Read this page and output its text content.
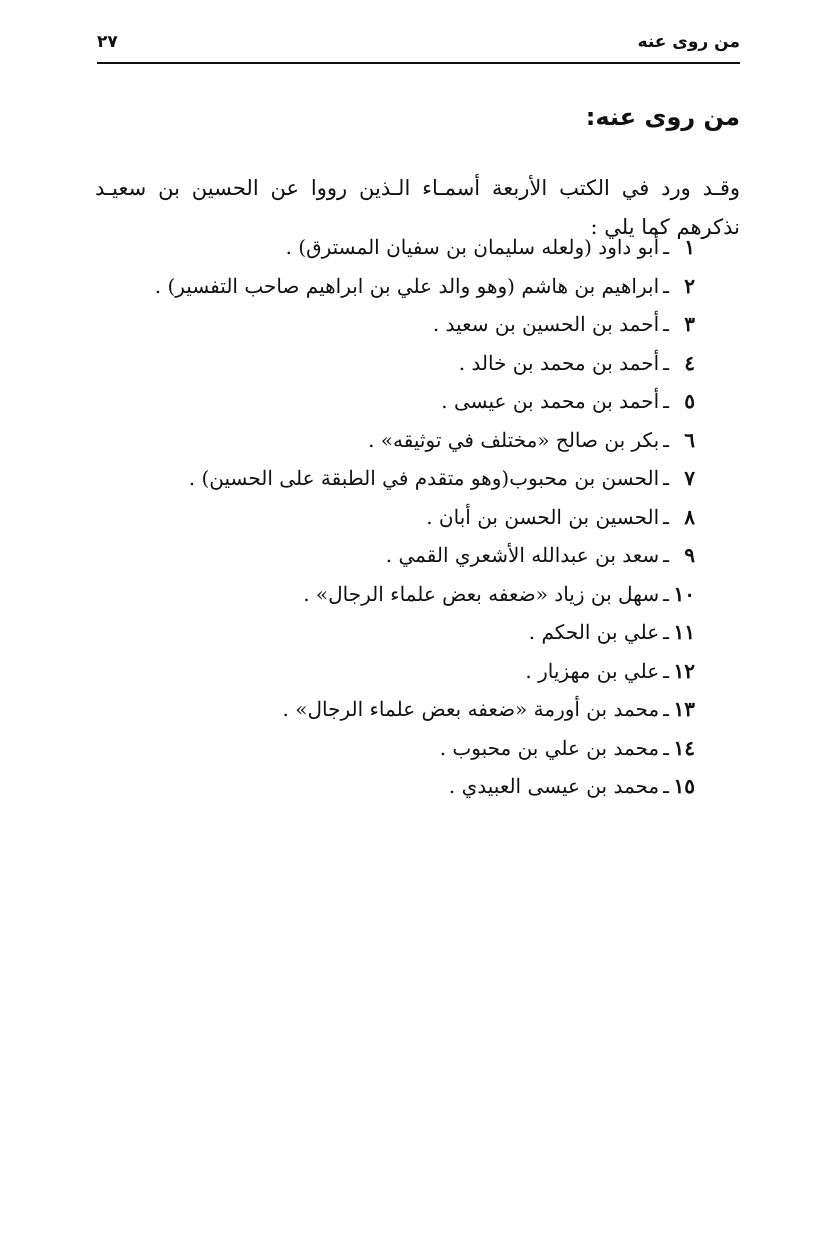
من روى عنه
٢٧
من روى عنه:

وقـد ورد في الكتب الأربعة أسمـاء الـذين رووا عن الحسين بن سعيـد نذكرهم كما يلي :

١ـأبو داود (ولعله سليمان بن سفيان المسترق) .
٢ـابراهيم بن هاشم (وهو والد علي بن ابراهيم صاحب التفسير) .
٣ـأحمد بن الحسين بن سعيد .
٤ـأحمد بن محمد بن خالد .
٥ـأحمد بن محمد بن عيسى .
٦ـبكر بن صالح «مختلف في توثيقه» .
٧ـالحسن بن محبوب(وهو متقدم في الطبقة على الحسين) .
٨ـالحسين بن الحسن بن أبان .
٩ـسعد بن عبدالله الأشعري القمي .
١٠ـسهل بن زياد «ضعفه بعض علماء الرجال» .
١١ـعلي بن الحكم .
١٢ـعلي بن مهزيار .
١٣ـمحمد بن أورمة «ضعفه بعض علماء الرجال» .
١٤ـمحمد بن علي بن محبوب .
١٥ـمحمد بن عيسى العبيدي .
